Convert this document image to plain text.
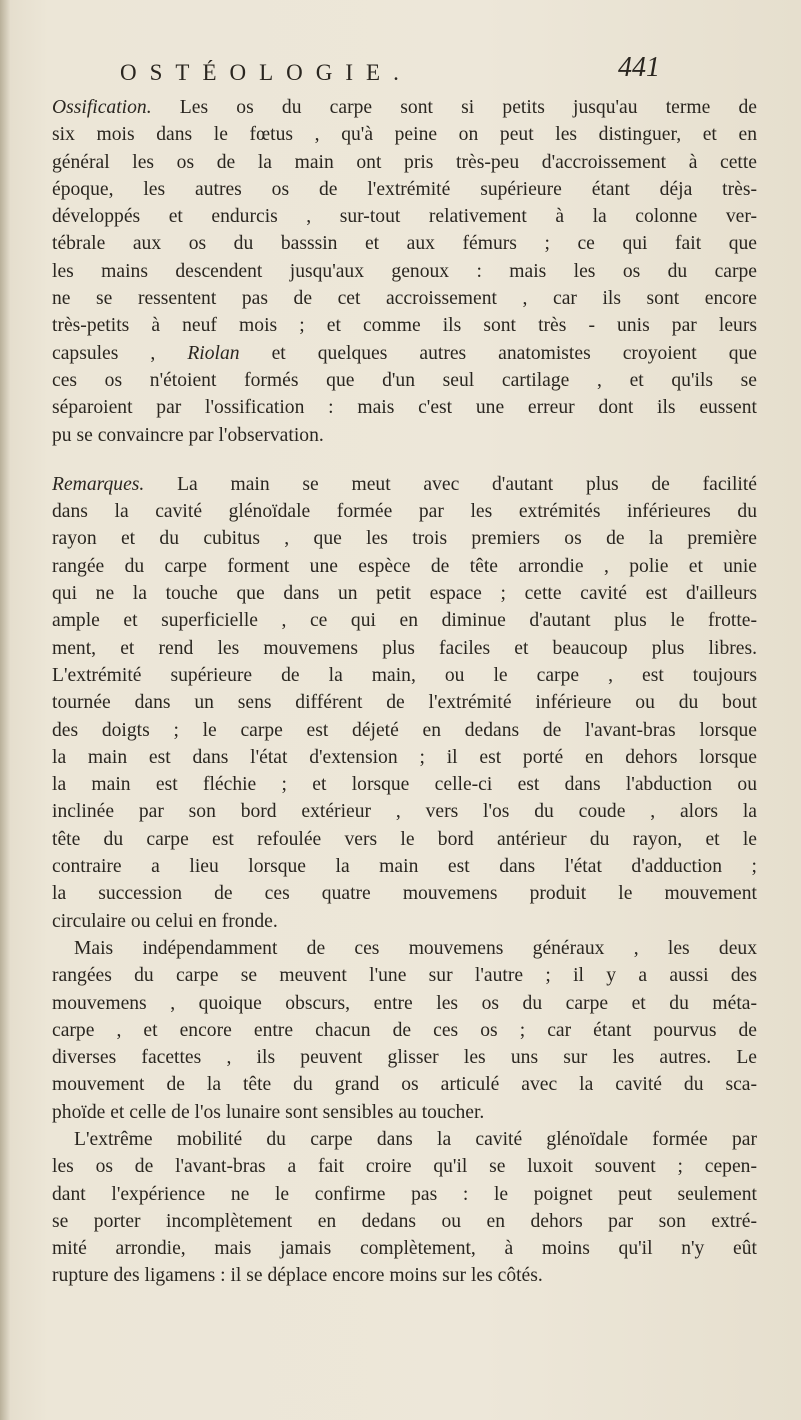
OSTÉOLOGIE.	441
Ossification. Les os du carpe sont si petits jusqu'au terme de
six mois dans le fœtus , qu'à peine on peut les distinguer, et en
général les os de la main ont pris très-peu d'accroissement à cette
époque, les autres os de l'extrémité supérieure étant déja très-
développés et endurcis , sur-tout relativement à la colonne ver-
tébrale aux os du basssin et aux fémurs ; ce qui fait que
les mains descendent jusqu'aux genoux : mais les os du carpe
ne se ressentent pas de cet accroissement , car ils sont encore
très-petits à neuf mois ; et comme ils sont très - unis par leurs
capsules , Riolan et quelques autres anatomistes croyoient que
ces os n'étoient formés que d'un seul cartilage , et qu'ils se
séparoient par l'ossification : mais c'est une erreur dont ils eussent
pu se convaincre par l'observation.
Remarques. La main se meut avec d'autant plus de facilité
dans la cavité glénoïdale formée par les extrémités inférieures du
rayon et du cubitus , que les trois premiers os de la première
rangée du carpe forment une espèce de tête arrondie , polie et unie
qui ne la touche que dans un petit espace ; cette cavité est d'ailleurs
ample et superficielle , ce qui en diminue d'autant plus le frotte-
ment, et rend les mouvemens plus faciles et beaucoup plus libres.
L'extrémité supérieure de la main, ou le carpe , est toujours
tournée dans un sens différent de l'extrémité inférieure ou du bout
des doigts ; le carpe est déjeté en dedans de l'avant-bras lorsque
la main est dans l'état d'extension ; il est porté en dehors lorsque
la main est fléchie ; et lorsque celle-ci est dans l'abduction ou
inclinée par son bord extérieur , vers l'os du coude , alors la
tête du carpe est refoulée vers le bord antérieur du rayon, et le
contraire a lieu lorsque la main est dans l'état d'adduction ;
la succession de ces quatre mouvemens produit le mouvement
circulaire ou celui en fronde.
Mais indépendamment de ces mouvemens généraux , les deux
rangées du carpe se meuvent l'une sur l'autre ; il y a aussi des
mouvemens , quoique obscurs, entre les os du carpe et du méta-
carpe , et encore entre chacun de ces os ; car étant pourvus de
diverses facettes , ils peuvent glisser les uns sur les autres. Le
mouvement de la tête du grand os articulé avec la cavité du sca-
phoïde et celle de l'os lunaire sont sensibles au toucher.
L'extrême mobilité du carpe dans la cavité glénoïdale formée par
les os de l'avant-bras a fait croire qu'il se luxoit souvent ; cepen-
dant l'expérience ne le confirme pas : le poignet peut seulement
se porter incomplètement en dedans ou en dehors par son extré-
mité arrondie, mais jamais complètement, à moins qu'il n'y eût
rupture des ligamens : il se déplace encore moins sur les côtés.
